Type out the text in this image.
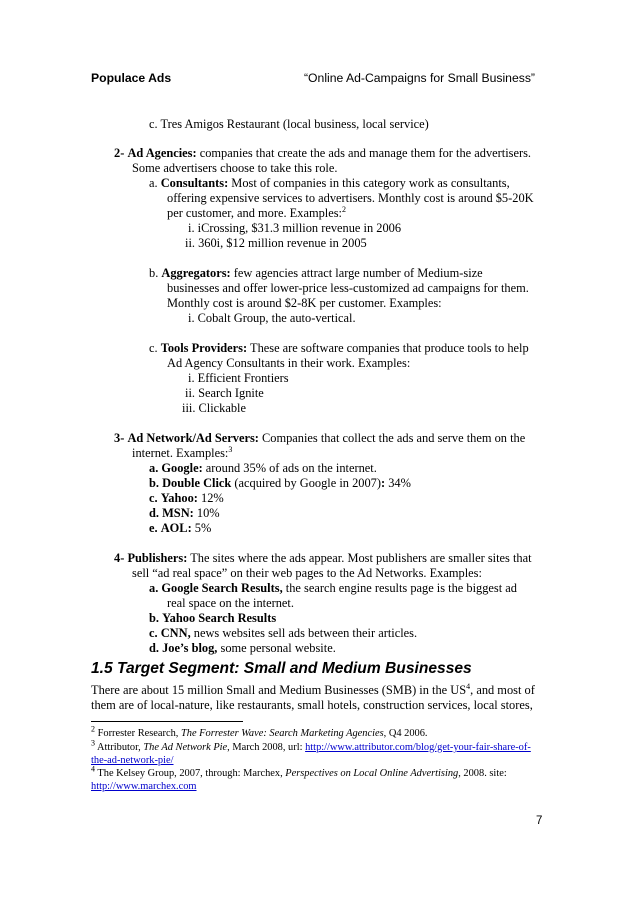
Populace Ads	“Online Ad-Campaigns for Small Business”
c. Tres Amigos Restaurant (local business, local service)
2- Ad Agencies: companies that create the ads and manage them for the advertisers.
Some advertisers choose to take this role.
a. Consultants: Most of companies in this category work as consultants,
offering expensive services to advertisers. Monthly cost is around $5-20K
per customer, and more. Examples:$^2$
i. iCrossing, $31.3 million revenue in 2006
ii. 360i, $12 million revenue in 2005
b. Aggregators: few agencies attract large number of Medium-size
businesses and offer lower-price less-customized ad campaigns for them.
Monthly cost is around $2-8K per customer. Examples:
i. Cobalt Group, the auto-vertical.
c. Tools Providers: These are software companies that produce tools to help
Ad Agency Consultants in their work. Examples:
i. Efficient Frontiers
ii. Search Ignite
iii. Clickable
3- Ad Network/Ad Servers: Companies that collect the ads and serve them on the
internet. Examples:$^3$
a. Google: around 35% of ads on the internet.
b. Double Click (acquired by Google in 2007): 34%
c. Yahoo: 12%
d. MSN: 10%
e. AOL: 5%
4- Publishers: The sites where the ads appear. Most publishers are smaller sites that
sell “ad real space” on their web pages to the Ad Networks. Examples:
a. Google Search Results, the search engine results page is the biggest ad
real space on the internet.
b. Yahoo Search Results
c. CNN, news websites sell ads between their articles.
d. Joe’s blog, some personal website.
1.5 Target Segment: Small and Medium Businesses
There are about 15 million Small and Medium Businesses (SMB) in the $US^4$, and most of
them are of local-nature, like restaurants, small hotels, construction services, local stores,
$^2$ Forrester Research, The Forrester Wave: Search Marketing Agencies, Q4 2006.
$^3$ Attributor, The Ad Network Pie, March 2008, url: http://www.attributor.com/blog/get-your-fair-share-of-
the-ad-network-pie/
$^4$ The Kelsey Group, 2007, through: Marchex, Perspectives on Local Online Advertising, 2008. site:
http://www.marchex.com
7
